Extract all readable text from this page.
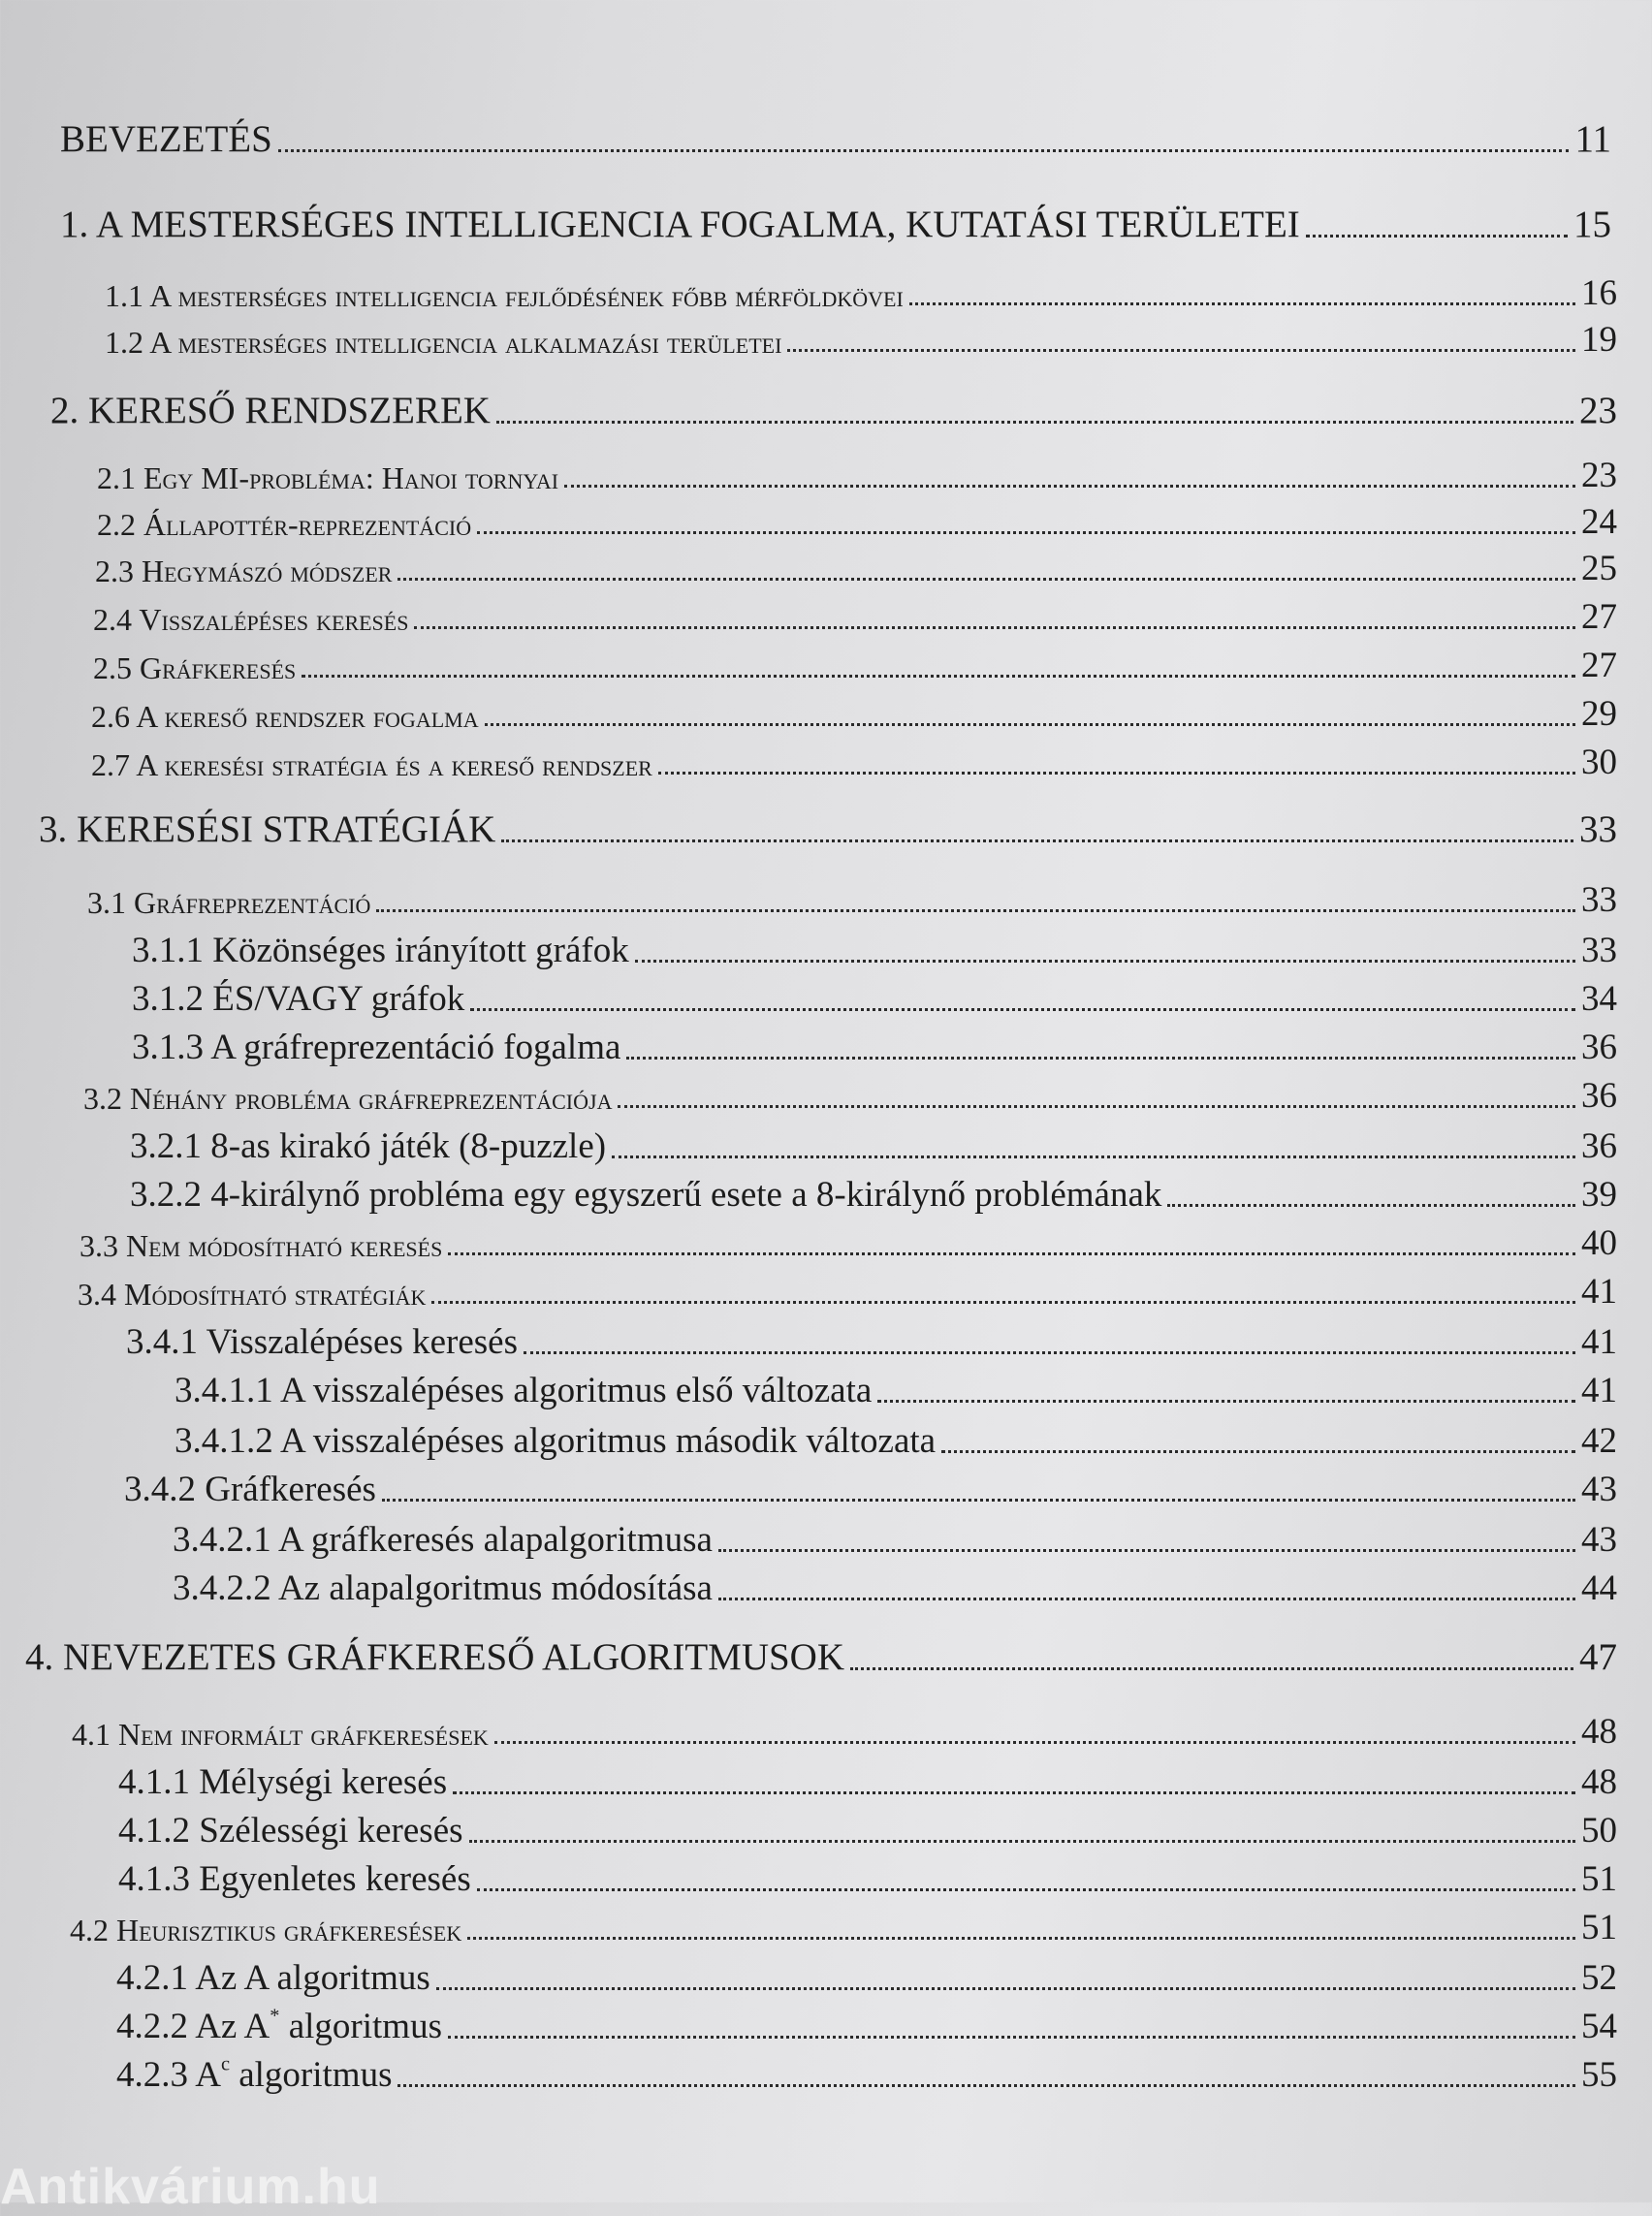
BEVEZETÉS	11
1. A MESTERSÉGES INTELLIGENCIA FOGALMA, KUTATÁSI TERÜLETEI	15
1.1 A mesterséges intelligencia fejlődésének főbb mérföldkövei	16
1.2 A mesterséges intelligencia alkalmazási területei	19
2. KERESŐ RENDSZEREK	23
2.1 Egy MI-probléma: Hanoi tornyai	23
2.2 Állapottér-reprezentáció	24
2.3 Hegymászó módszer	25
2.4 Visszalépéses keresés	27
2.5 Gráfkeresés	27
2.6 A kereső rendszer fogalma	29
2.7 A keresési stratégia és a kereső rendszer	30
3. KERESÉSI STRATÉGIÁK	33
3.1 Gráfreprezentáció	33
3.1.1 Közönséges irányított gráfok	33
3.1.2 ÉS/VAGY gráfok	34
3.1.3 A gráfreprezentáció fogalma	36
3.2 Néhány probléma gráfreprezentációja	36
3.2.1 8-as kirakó játék (8-puzzle)	36
3.2.2 4-királynő probléma egy egyszerű esete a 8-királynő problémának	39
3.3 Nem módosítható keresés	40
3.4 Módosítható stratégiák	41
3.4.1 Visszalépéses keresés	41
3.4.1.1 A visszalépéses algoritmus első változata	41
3.4.1.2 A visszalépéses algoritmus második változata	42
3.4.2 Gráfkeresés	43
3.4.2.1 A gráfkeresés alapalgoritmusa	43
3.4.2.2 Az alapalgoritmus módosítása	44
4. NEVEZETES GRÁFKERESŐ ALGORITMUSOK	47
4.1 Nem informált gráfkeresések	48
4.1.1 Mélységi keresés	48
4.1.2 Szélességi keresés	50
4.1.3 Egyenletes keresés	51
4.2 Heurisztikus gráfkeresések	51
4.2.1 Az A algoritmus	52
4.2.2 Az A* algoritmus	54
4.2.3 $A^c$ algoritmus	55
Antikvárium.hu
